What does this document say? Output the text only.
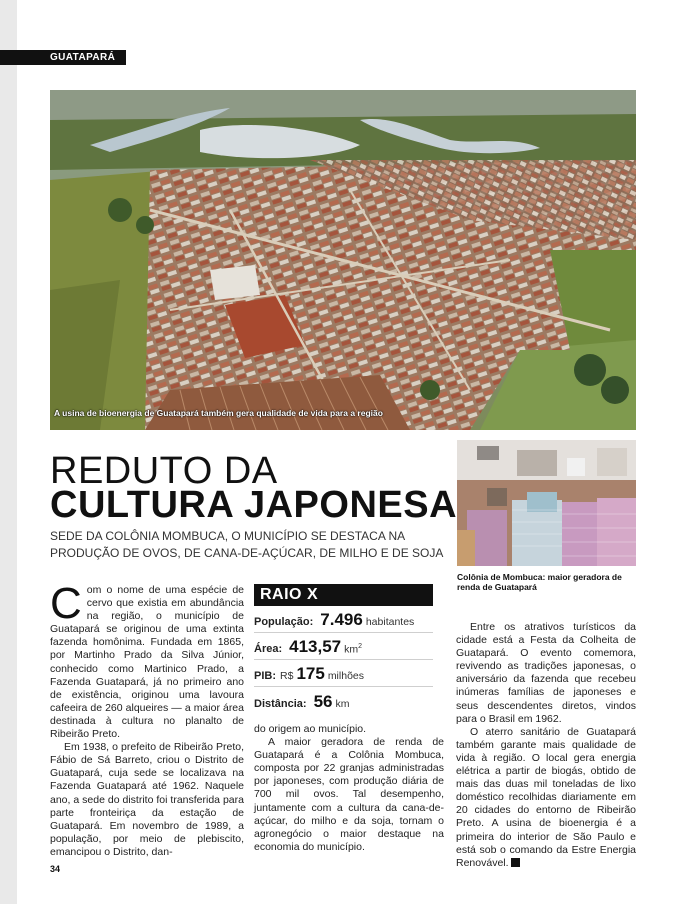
GUATAPARÁ
A usina de bioenergia de Guatapará também gera qualidade de vida para a região
REDUTO DA
CULTURA JAPONESA
SEDE DA COLÔNIA MOMBUCA, O MUNICÍPIO SE DESTACA NA PRODUÇÃO DE OVOS, DE CANA-DE-AÇÚCAR, DE MILHO E DE SOJA
Colônia de Mombuca: maior geradora de renda de Guatapará

Com o nome de uma espécie de cervo que existia em abundância na região, o município de Guatapará se originou de uma extinta fazenda homônima. Fundada em 1865, por Martinho Prado da Silva Júnior, conhecido como Martinico Prado, a Fazenda Guatapará, já no primeiro ano de existência, originou uma lavoura cafeeira de 260 alqueires — a maior área destinada à cultura no planalto de Ribeirão Preto.

Em 1938, o prefeito de Ribeirão Preto, Fábio de Sá Barreto, criou o Distrito de Guatapará, cuja sede se localizava na Fazenda Guatapará até 1962. Naquele ano, a sede do distrito foi transferida para parte fronteiriça da estação de Guatapará. Em novembro de 1989, a população, por meio de plebiscito, emancipou o Distrito, dan-

RAIO X
População: 7.496 habitantes
Área: 413,57 $km^2$
PIB: R$ 175 milhões
Distância: 56 km

do origem ao município.

A maior geradora de renda de Guatapará é a Colônia Mombuca, composta por 22 granjas administradas por japoneses, com produção diária de 700 mil ovos. Tal desempenho, juntamente com a cultura da cana-de-açúcar, do milho e da soja, tornam o agronegócio o maior destaque na economia do município.

Entre os atrativos turísticos da cidade está a Festa da Colheita de Guatapará. O evento comemora, revivendo as tradições japonesas, o aniversário da fazenda que recebeu inúmeras famílias de japoneses e seus descendentes diretos, vindos para o Brasil em 1962.

O aterro sanitário de Guatapará também garante mais qualidade de vida à região. O local gera energia elétrica a partir de biogás, obtido de mais das duas mil toneladas de lixo doméstico recolhidas diariamente em 20 cidades do entorno de Ribeirão Preto. A usina de bioenergia é a primeira do interior de São Paulo e está sob o comando da Estre Energia Renovável.

34
